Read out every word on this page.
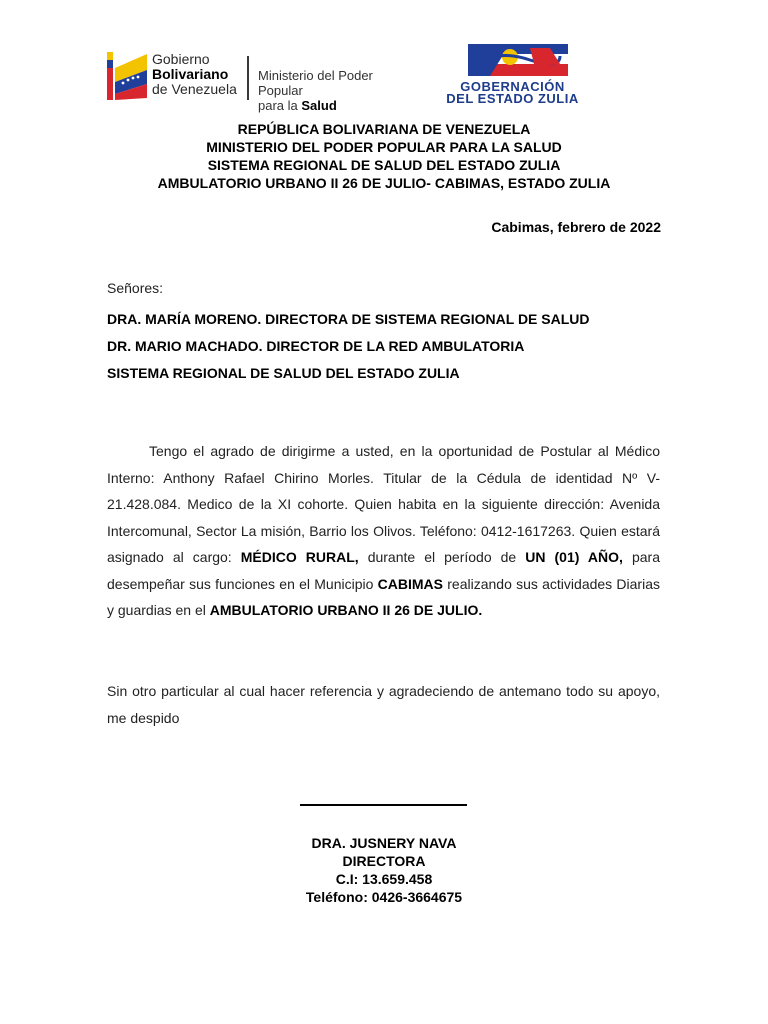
Gobierno
Bolivariano
de Venezuela
Ministerio del Poder Popular
para la Salud
GOBERNACIÓN
DEL ESTADO ZULIA
REPÚBLICA BOLIVARIANA DE VENEZUELA
MINISTERIO DEL PODER POPULAR PARA LA SALUD
SISTEMA REGIONAL DE SALUD DEL ESTADO ZULIA
AMBULATORIO URBANO II 26 DE JULIO- CABIMAS, ESTADO ZULIA
Cabimas, febrero de 2022
Señores:
DRA. MARÍA MORENO. DIRECTORA DE SISTEMA REGIONAL DE SALUD
DR. MARIO MACHADO. DIRECTOR DE LA RED AMBULATORIA
SISTEMA REGIONAL DE SALUD DEL ESTADO ZULIA
Tengo el agrado de dirigirme a usted, en la oportunidad de Postular al Médico Interno: Anthony Rafael Chirino Morles. Titular de la Cédula de identidad Nº V- 21.428.084. Medico de la XI cohorte. Quien habita en la siguiente dirección: Avenida Intercomunal, Sector La misión, Barrio los Olivos. Teléfono: 0412-1617263. Quien estará asignado al cargo: MÉDICO RURAL, durante el período de UN (01) AÑO, para desempeñar sus funciones en el Municipio CABIMAS realizando sus actividades Diarias y guardias en el AMBULATORIO URBANO II 26 DE JULIO.
Sin otro particular al cual hacer referencia y agradeciendo de antemano todo su apoyo, me despido
DRA. JUSNERY NAVA
DIRECTORA
C.I: 13.659.458
Teléfono: 0426-3664675
